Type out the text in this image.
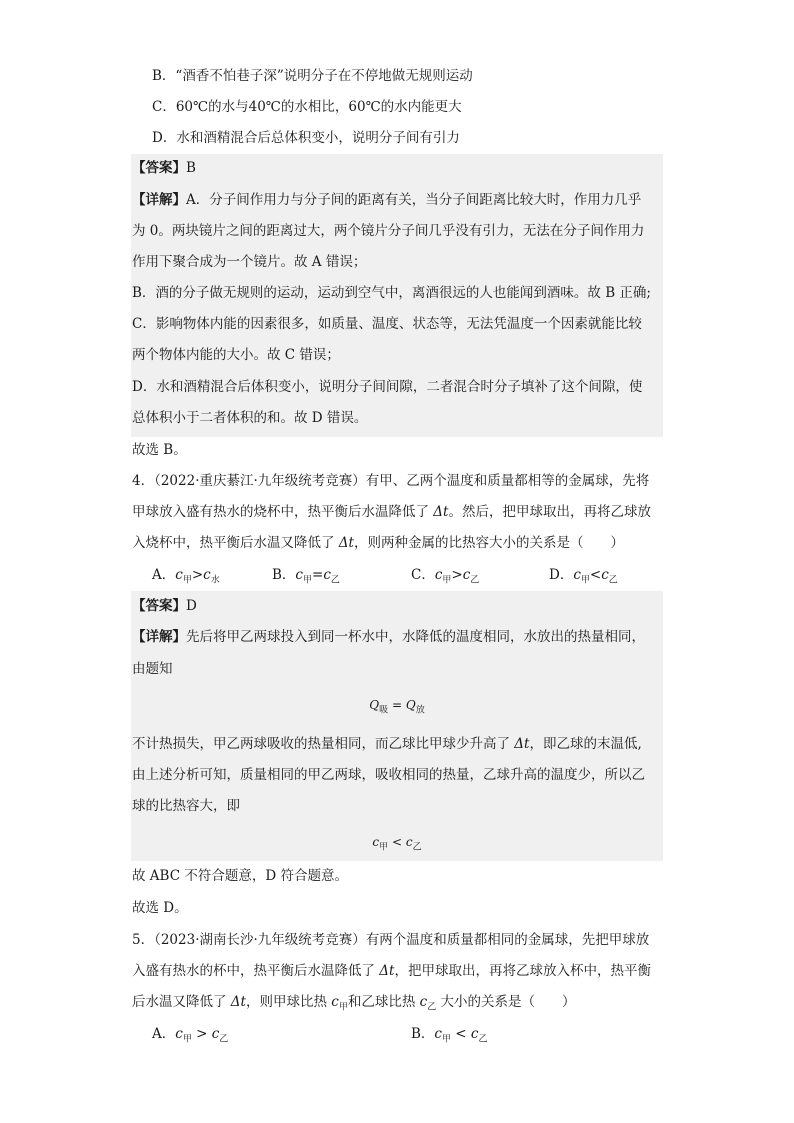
B．“酒香不怕巷子深”说明分子在不停地做无规则运动
C．60℃的水与40℃的水相比，60℃的水内能更大
D．水和酒精混合后总体积变小，说明分子间有引力
【答案】B
【详解】A．分子间作用力与分子间的距离有关，当分子间距离比较大时，作用力几乎
为 0。两块镜片之间的距离过大，两个镜片分子间几乎没有引力，无法在分子间作用力
作用下聚合成为一个镜片。故 A 错误；
B．酒的分子做无规则的运动，运动到空气中，离酒很远的人也能闻到酒味。故 B 正确;
C．影响物体内能的因素很多，如质量、温度、状态等，无法凭温度一个因素就能比较
两个物体内能的大小。故 C 错误；
D．水和酒精混合后体积变小，说明分子间间隙，二者混合时分子填补了这个间隙，使
总体积小于二者体积的和。故 D 错误。
故选 B。
4．（2022·重庆綦江·九年级统考竞赛）有甲、乙两个温度和质量都相等的金属球，先将
甲球放入盛有热水的烧杯中，热平衡后水温降低了 Δt。然后，把甲球取出，再将乙球放
入烧杯中，热平衡后水温又降低了 Δt，则两种金属的比热容大小的关系是（　　）
A．$c_甲>c_水$	B．$c_甲=c_乙$	C．$c_甲>c_乙$	D．$c_甲<c_乙$
【答案】D
【详解】先后将甲乙两球投入到同一杯水中，水降低的温度相同，水放出的热量相同，
由题知
$Q_吸 = Q_放$
不计热损失，甲乙两球吸收的热量相同，而乙球比甲球少升高了 Δt，即乙球的末温低,
由上述分析可知，质量相同的甲乙两球，吸收相同的热量，乙球升高的温度少，所以乙
球的比热容大，即
$c_甲 < c_乙$
故 ABC 不符合题意，D 符合题意。
故选 D。
5．（2023·湖南长沙·九年级统考竞赛）有两个温度和质量都相同的金属球，先把甲球放
入盛有热水的杯中，热平衡后水温降低了 Δt，把甲球取出，再将乙球放入杯中，热平衡
后水温又降低了 Δt，则甲球比热 $c_甲$和乙球比热 $c_乙$ 大小的关系是（　　）
A．$c_甲 > c_乙$	B．$c_甲 < c_乙$
